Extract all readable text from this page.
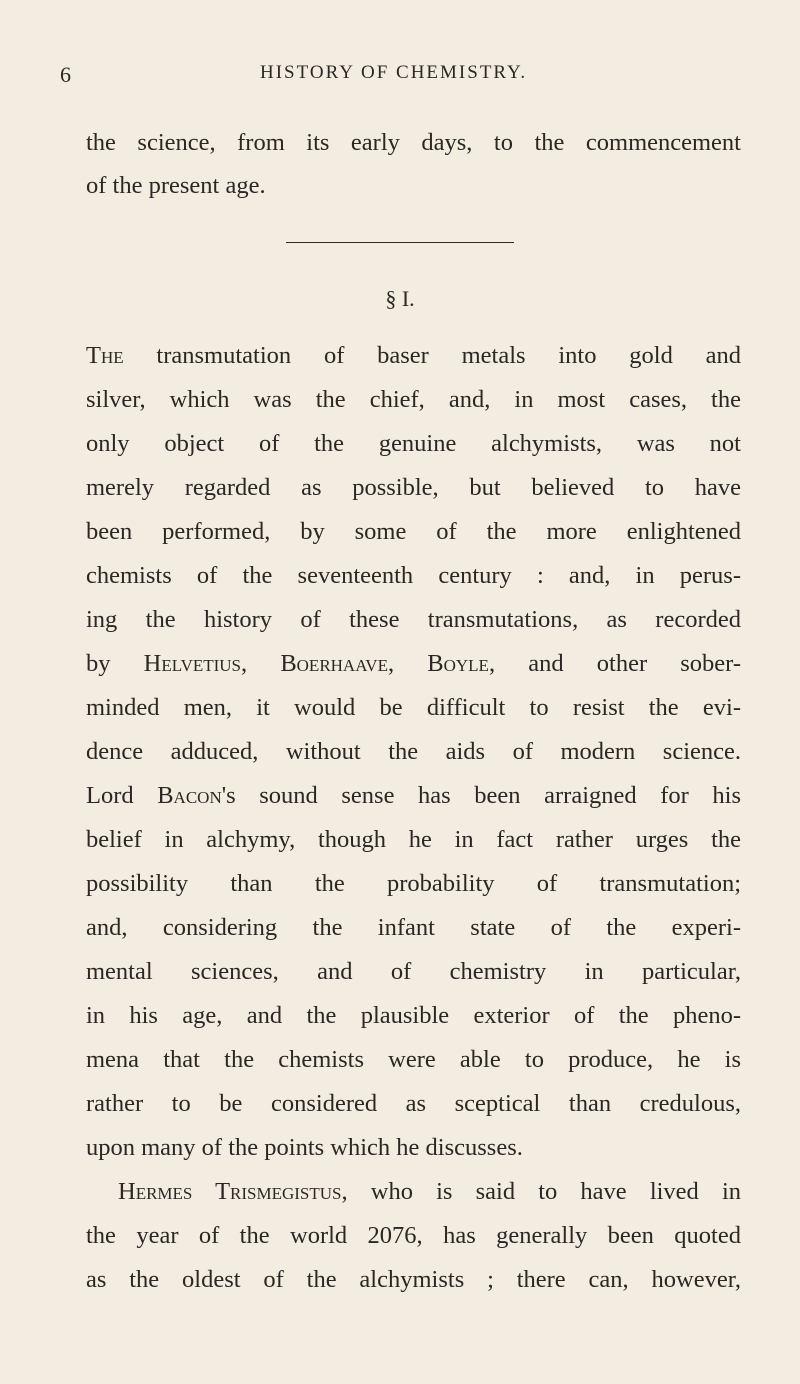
6	HISTORY OF CHEMISTRY.
the science, from its early days, to the commencement
of the present age.
§ I.
The transmutation of baser metals into gold and
silver, which was the chief, and, in most cases, the
only object of the genuine alchymists, was not
merely regarded as possible, but believed to have
been performed, by some of the more enlightened
chemists of the seventeenth century : and, in perus-
ing the history of these transmutations, as recorded
by Helvetius, Boerhaave, Boyle, and other sober-
minded men, it would be difficult to resist the evi-
dence adduced, without the aids of modern science.
Lord Bacon's sound sense has been arraigned for his
belief in alchymy, though he in fact rather urges the
possibility than the probability of transmutation;
and, considering the infant state of the experi-
mental sciences, and of chemistry in particular,
in his age, and the plausible exterior of the pheno-
mena that the chemists were able to produce, he is
rather to be considered as sceptical than credulous,
upon many of the points which he discusses.
Hermes Trismegistus, who is said to have lived in
the year of the world 2076, has generally been quoted
as the oldest of the alchymists ; there can, however,
